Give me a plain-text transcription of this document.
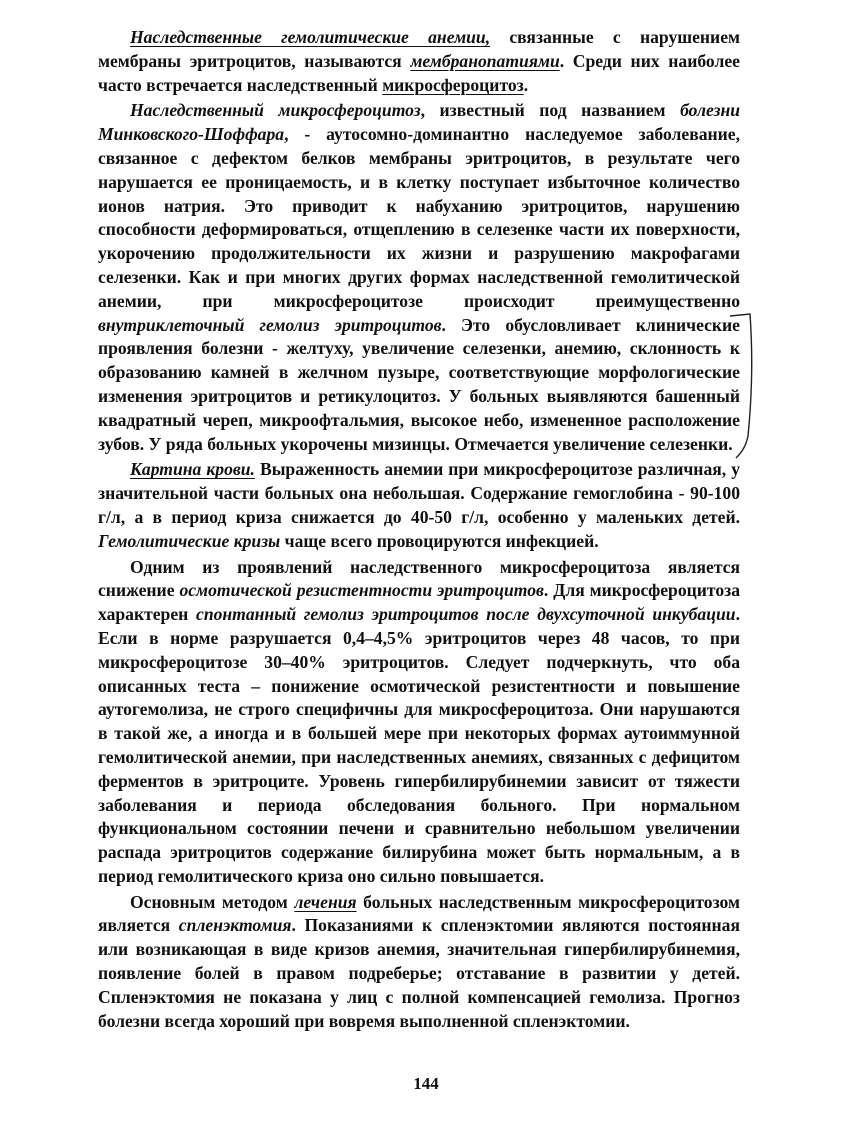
Наследственные гемолитические анемии, связанные с нарушением мембраны эритроцитов, называются мембранопатиями. Среди них наиболее часто встречается наследственный микросфероцитоз.

Наследственный микросфероцитоз, известный под названием болезни Минковского-Шоффара, - аутосомно-доминантно наследуемое заболевание, связанное с дефектом белков мембраны эритроцитов, в результате чего нарушается ее проницаемость, и в клетку поступает избыточное количество ионов натрия. Это приводит к набуханию эритроцитов, нарушению способности деформироваться, отщеплению в селезенке части их поверхности, укорочению продолжительности их жизни и разрушению макрофагами селезенки. Как и при многих других формах наследственной гемолитической анемии, при микросфероцитозе происходит преимущественно внутриклеточный гемолиз эритроцитов. Это обусловливает клинические проявления болезни - желтуху, увеличение селезенки, анемию, склонность к образованию камней в желчном пузыре, соответствующие морфологические изменения эритроцитов и ретикулоцитоз. У больных выявляются башенный квадратный череп, микроофтальмия, высокое небо, измененное расположение зубов. У ряда больных укорочены мизинцы. Отмечается увеличение селезенки.

Картина крови. Выраженность анемии при микросфероцитозе различная, у значительной части больных она небольшая. Содержание гемоглобина - 90-100 г/л, а в период криза снижается до 40-50 г/л, особенно у маленьких детей. Гемолитические кризы чаще всего провоцируются инфекцией.

Одним из проявлений наследственного микросфероцитоза является снижение осмотической резистентности эритроцитов. Для микросфероцитоза характерен спонтанный гемолиз эритроцитов после двухсуточной инкубации. Если в норме разрушается 0,4–4,5% эритроцитов через 48 часов, то при микросфероцитозе 30–40% эритроцитов. Следует подчеркнуть, что оба описанных теста – понижение осмотической резистентности и повышение аутогемолиза, не строго специфичны для микросфероцитоза. Они нарушаются в такой же, а иногда и в большей мере при некоторых формах аутоиммунной гемолитической анемии, при наследственных анемиях, связанных с дефицитом ферментов в эритроците. Уровень гипербилирубинемии зависит от тяжести заболевания и периода обследования больного. При нормальном функциональном состоянии печени и сравнительно небольшом увеличении распада эритроцитов содержание билирубина может быть нормальным, а в период гемолитического криза оно сильно повышается.

Основным методом лечения больных наследственным микросфероцитозом является спленэктомия. Показаниями к спленэктомии являются постоянная или возникающая в виде кризов анемия, значительная гипербилирубинемия, появление болей в правом подреберье; отставание в развитии у детей. Спленэктомия не показана у лиц с полной компенсацией гемолиза. Прогноз болезни всегда хороший при вовремя выполненной спленэктомии.

144
